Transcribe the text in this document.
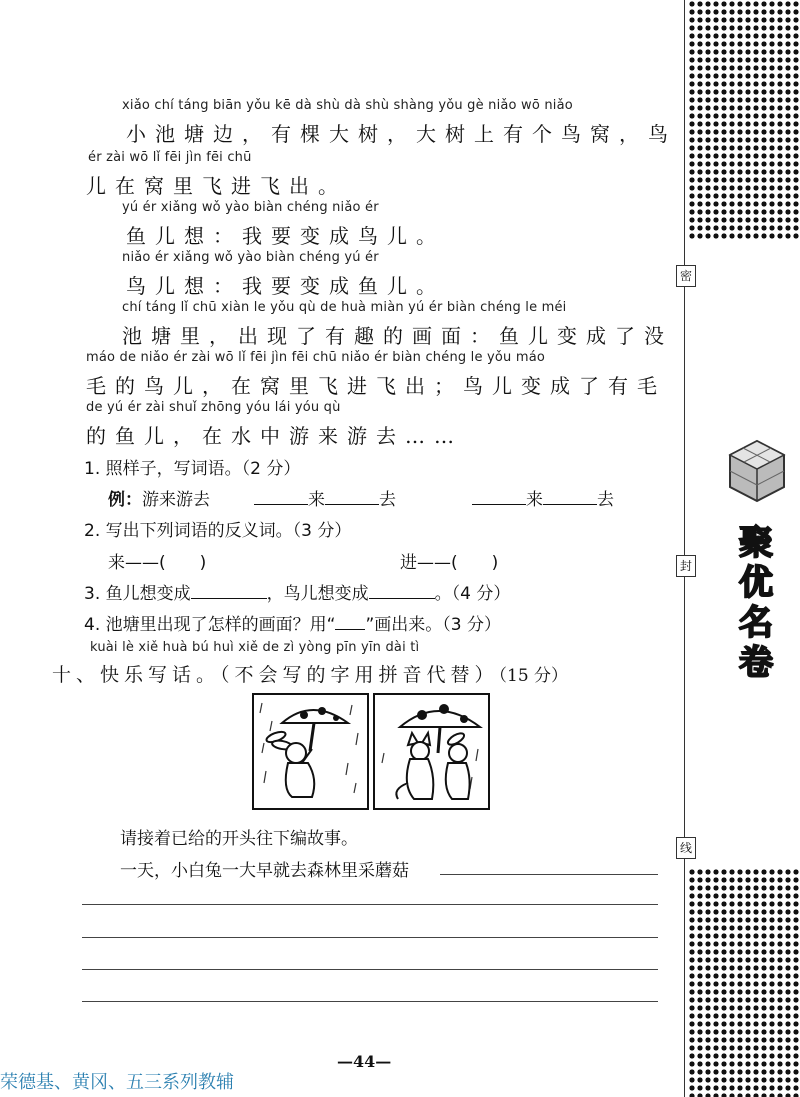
xiǎo chí táng biān yǒu kē dà shù dà shù shàng yǒu gè niǎo wō niǎo
小池塘边，有棵大树，大树上有个鸟窝，鸟
ér zài wō lǐ fēi jìn fēi chū
儿在窝里飞进飞出。
yú ér xiǎng wǒ yào biàn chéng niǎo ér
鱼儿想：我要变成鸟儿。
niǎo ér xiǎng wǒ yào biàn chéng yú ér
鸟儿想：我要变成鱼儿。
chí táng lǐ chū xiàn le yǒu qù de huà miàn yú ér biàn chéng le méi
池塘里，出现了有趣的画面：鱼儿变成了没
máo de niǎo ér zài wō lǐ fēi jìn fēi chū niǎo ér biàn chéng le yǒu máo
毛的鸟儿，在窝里飞进飞出；鸟儿变成了有毛
de yú ér zài shuǐ zhōng yóu lái yóu qù
的鱼儿，在水中游来游去……
1. 照样子，写词语。（2 分）
例：游来游去	来	去	来	去
2. 写出下列词语的反义词。（3 分）
来——(　　)	进——(　　)
3. 鱼儿想变成	，鸟儿想变成	。（4 分）
4. 池塘里出现了怎样的画面？用“ ”画出来。（3 分）
kuài lè xiě huà bú huì xiě de zì yòng pīn yīn dài tì
十、快乐写话。（不会写的字用拼音代替）（15 分）
请接着已给的开头往下编故事。
一天，小白兔一大早就去森林里采蘑菇
密
封
线
聚优名卷
—44—
荣德基、黄冈、五三系列教辅
